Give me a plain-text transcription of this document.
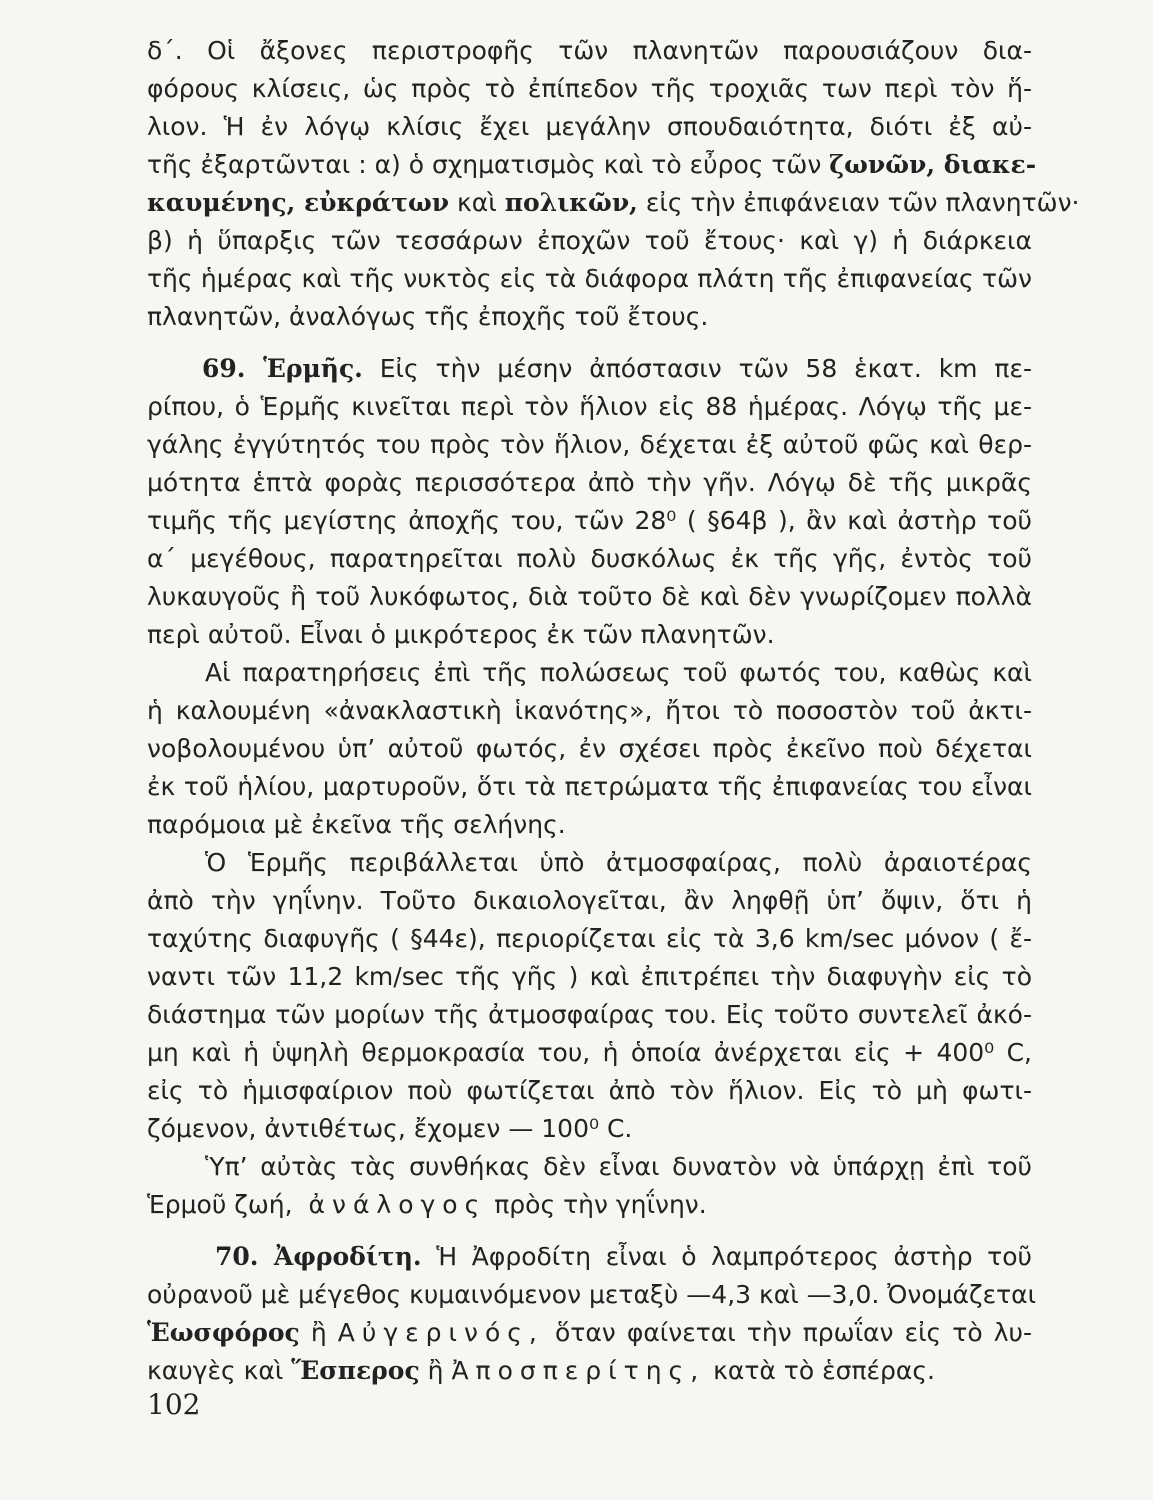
δ΄. Οἱ ἄξονες περιστροφῆς τῶν πλανητῶν παρουσιάζουν δια-
φόρους κλίσεις, ὡς πρὸς τὸ ἐπίπεδον τῆς τροχιᾶς των περὶ τὸν ἥ-
λιον. Ἡ ἐν λόγῳ κλίσις ἔχει μεγάλην σπουδαιότητα, διότι ἐξ αὐ-
τῆς ἐξαρτῶνται : α) ὁ σχηματισμὸς καὶ τὸ εὖρος τῶν ζωνῶν, διακε-
καυμένης, εὐκράτων καὶ πολικῶν, εἰς τὴν ἐπιφάνειαν τῶν πλανητῶν·
β) ἡ ὕπαρξις τῶν τεσσάρων ἐποχῶν τοῦ ἔτους· καὶ γ) ἡ διάρκεια
τῆς ἡμέρας καὶ τῆς νυκτὸς εἰς τὰ διάφορα πλάτη τῆς ἐπιφανείας τῶν
πλανητῶν, ἀναλόγως τῆς ἐποχῆς τοῦ ἔτους.
69. Ἑρμῆς. Εἰς τὴν μέσην ἀπόστασιν τῶν 58 ἑκατ. km πε-
ρίπου, ὁ Ἑρμῆς κινεῖται περὶ τὸν ἥλιον εἰς 88 ἡμέρας. Λόγῳ τῆς με-
γάλης ἐγγύτητός του πρὸς τὸν ἥλιον, δέχεται ἐξ αὐτοῦ φῶς καὶ θερ-
μότητα ἑπτὰ φορὰς περισσότερα ἀπὸ τὴν γῆν. Λόγῳ δὲ τῆς μικρᾶς
τιμῆς τῆς μεγίστης ἀποχῆς του, τῶν 28⁰ ( §64β ), ἂν καὶ ἀστὴρ τοῦ
α΄ μεγέθους, παρατηρεῖται πολὺ δυσκόλως ἐκ τῆς γῆς, ἐντὸς τοῦ
λυκαυγοῦς ἢ τοῦ λυκόφωτος, διὰ τοῦτο δὲ καὶ δὲν γνωρίζομεν πολλὰ
περὶ αὐτοῦ. Εἶναι ὁ μικρότερος ἐκ τῶν πλανητῶν.
Αἱ παρατηρήσεις ἐπὶ τῆς πολώσεως τοῦ φωτός του, καθὼς καὶ
ἡ καλουμένη «ἀνακλαστικὴ ἱκανότης», ἤτοι τὸ ποσοστὸν τοῦ ἀκτι-
νοβολουμένου ὑπ’ αὐτοῦ φωτός, ἐν σχέσει πρὸς ἐκεῖνο ποὺ δέχεται
ἐκ τοῦ ἡλίου, μαρτυροῦν, ὅτι τὰ πετρώματα τῆς ἐπιφανείας του εἶναι
παρόμοια μὲ ἐκεῖνα τῆς σελήνης.
Ὁ Ἑρμῆς περιβάλλεται ὑπὸ ἀτμοσφαίρας, πολὺ ἀραιοτέρας
ἀπὸ τὴν γηΐνην. Τοῦτο δικαιολογεῖται, ἂν ληφθῇ ὑπ’ ὄψιν, ὅτι ἡ
ταχύτης διαφυγῆς ( §44ε), περιορίζεται εἰς τὰ 3,6 km/sec μόνον ( ἔ-
ναντι τῶν 11,2 km/sec τῆς γῆς ) καὶ ἐπιτρέπει τὴν διαφυγὴν εἰς τὸ
διάστημα τῶν μορίων τῆς ἀτμοσφαίρας του. Εἰς τοῦτο συντελεῖ ἀκό-
μη καὶ ἡ ὑψηλὴ θερμοκρασία του, ἡ ὁποία ἀνέρχεται εἰς + 400⁰ C,
εἰς τὸ ἡμισφαίριον ποὺ φωτίζεται ἀπὸ τὸν ἥλιον. Εἰς τὸ μὴ φωτι-
ζόμενον, ἀντιθέτως, ἔχομεν — 100⁰ C.
Ὑπ’ αὐτὰς τὰς συνθήκας δὲν εἶναι δυνατὸν νὰ ὑπάρχῃ ἐπὶ τοῦ
Ἑρμοῦ ζωή, ἀνάλογος πρὸς τὴν γηΐνην.
70. Ἀφροδίτη. Ἡ Ἀφροδίτη εἶναι ὁ λαμπρότερος ἀστὴρ τοῦ
οὐρανοῦ μὲ μέγεθος κυμαινόμενον μεταξὺ —4,3 καὶ —3,0. Ὀνομάζεται
Ἑωσφόρος ἢ Αὐγερινός, ὅταν φαίνεται τὴν πρωΐαν εἰς τὸ λυ-
καυγὲς καὶ Ἕσπερος ἢ Ἀποσπερίτης, κατὰ τὸ ἑσπέρας.
102
